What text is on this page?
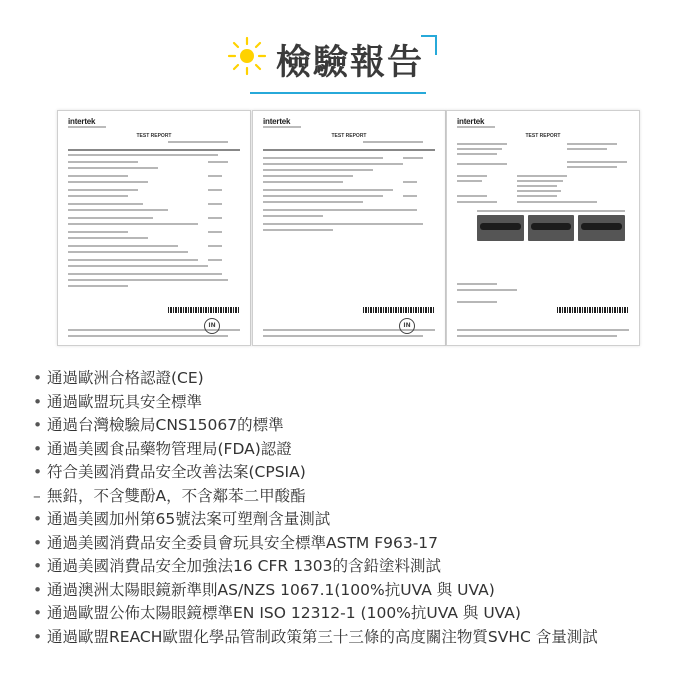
檢驗報告
intertek
TEST REPORT
IN
intertek
TEST REPORT
IN
intertek
TEST REPORT
• 通過歐洲合格認證(CE)
• 通過歐盟玩具安全標準
• 通過台灣檢驗局CNS15067的標準
• 通過美國食品藥物管理局(FDA)認證
• 符合美國消費品安全改善法案(CPSIA)
– 無鉛，不含雙酚A，不含鄰苯二甲酸酯
• 通過美國加州第65號法案可塑劑含量測試
• 通過美國消費品安全委員會玩具安全標準ASTM F963-17
• 通過美國消費品安全加強法16 CFR 1303的含鉛塗料測試
• 通過澳洲太陽眼鏡新準則AS/NZS 1067.1(100%抗UVA 與 UVA)
• 通過歐盟公佈太陽眼鏡標準EN ISO 12312-1 (100%抗UVA 與 UVA)
• 通過歐盟REACH歐盟化學品管制政策第三十三條的高度關注物質SVHC 含量測試
